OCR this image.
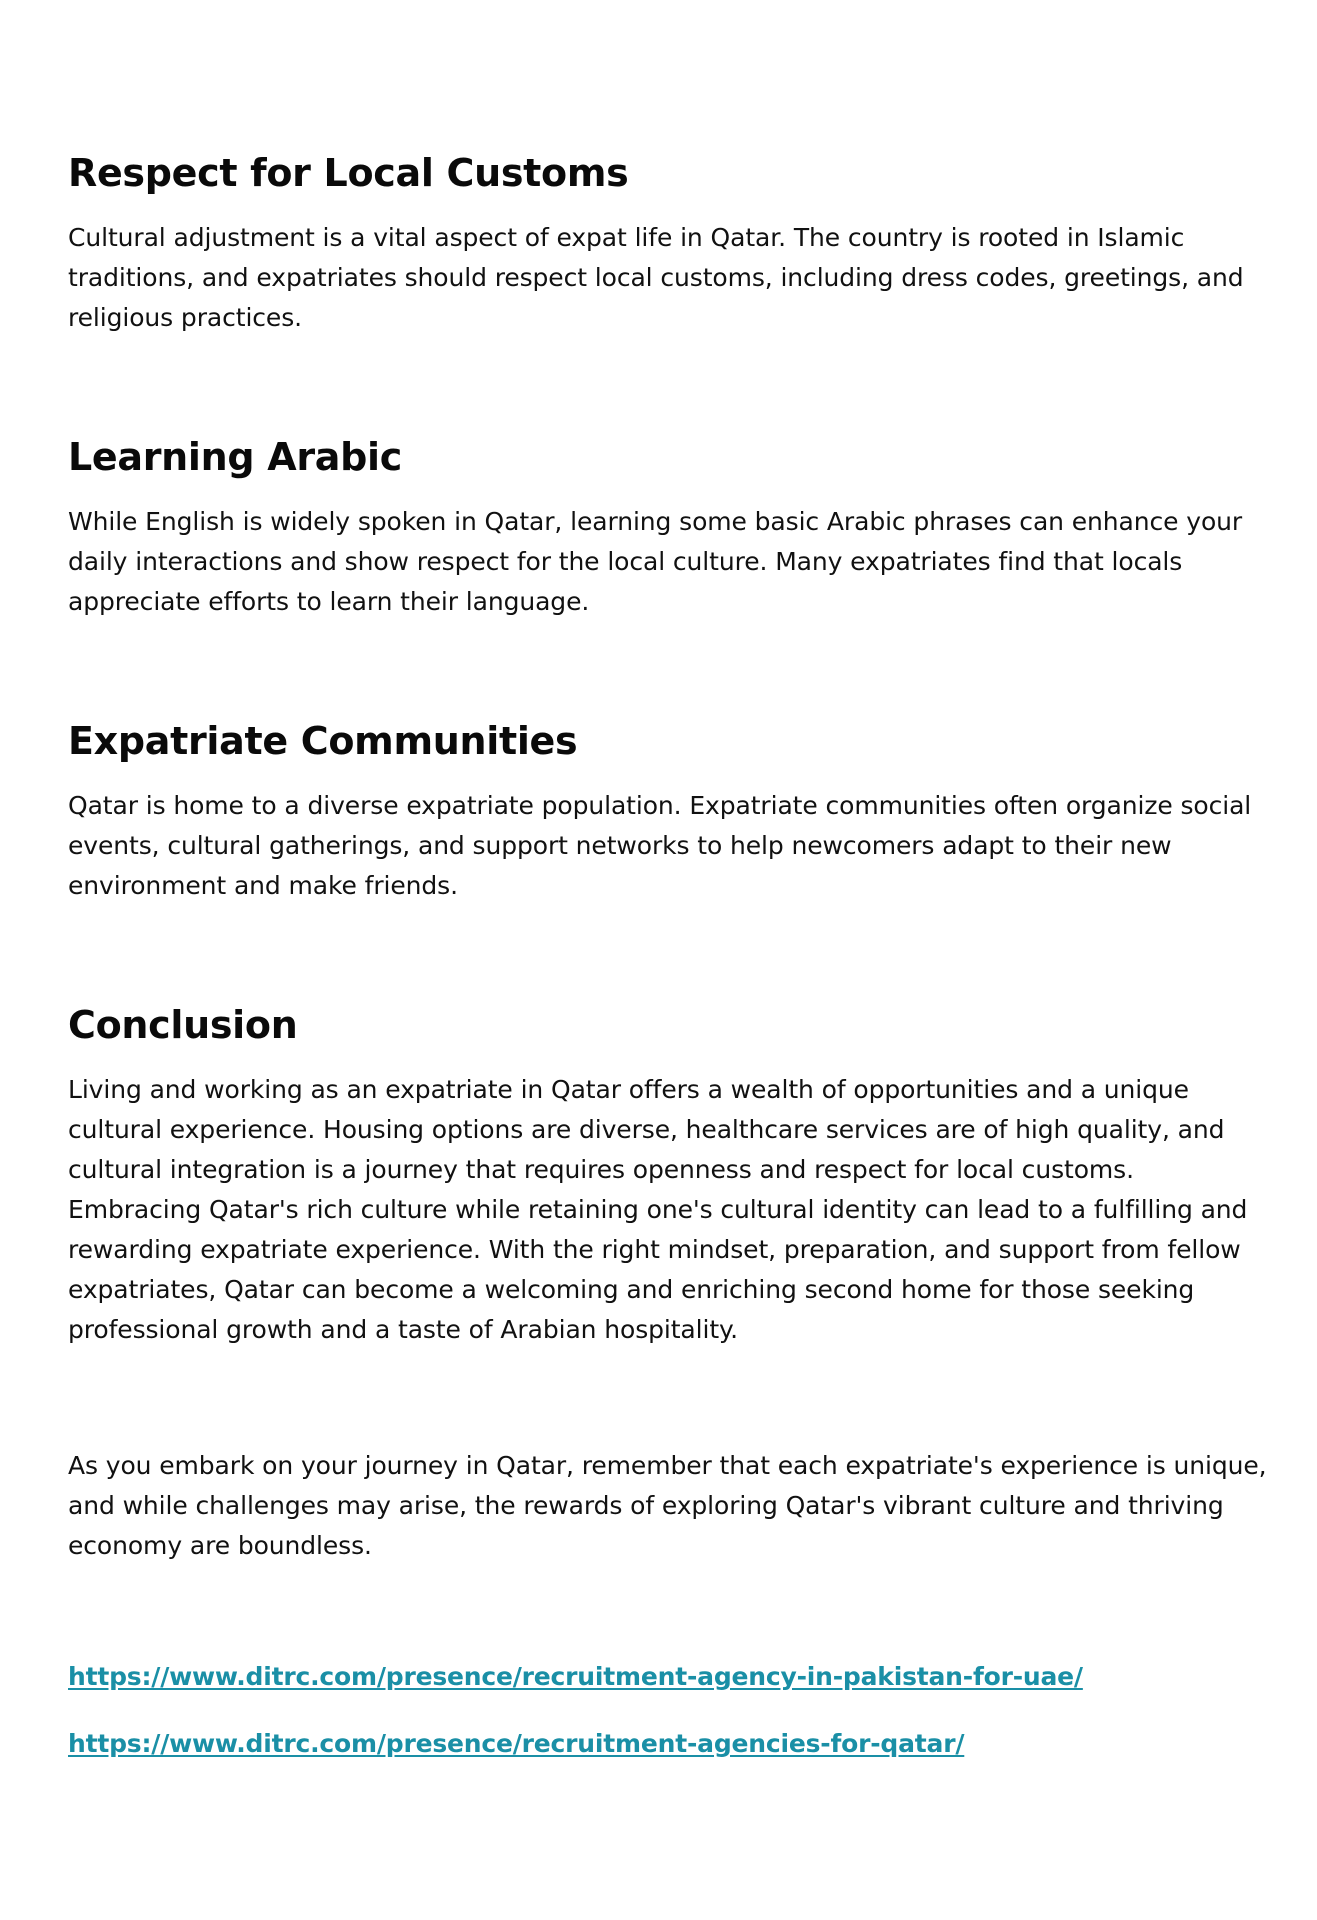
Respect for Local Customs

Cultural adjustment is a vital aspect of expat life in Qatar. The country is rooted in Islamic traditions, and expatriates should respect local customs, including dress codes, greetings, and religious practices.

Learning Arabic

While English is widely spoken in Qatar, learning some basic Arabic phrases can enhance your daily interactions and show respect for the local culture. Many expatriates find that locals appreciate efforts to learn their language.

Expatriate Communities

Qatar is home to a diverse expatriate population. Expatriate communities often organize social events, cultural gatherings, and support networks to help newcomers adapt to their new environment and make friends.

Conclusion

Living and working as an expatriate in Qatar offers a wealth of opportunities and a unique cultural experience. Housing options are diverse, healthcare services are of high quality, and cultural integration is a journey that requires openness and respect for local customs. Embracing Qatar's rich culture while retaining one's cultural identity can lead to a fulfilling and rewarding expatriate experience. With the right mindset, preparation, and support from fellow expatriates, Qatar can become a welcoming and enriching second home for those seeking professional growth and a taste of Arabian hospitality.

As you embark on your journey in Qatar, remember that each expatriate's experience is unique, and while challenges may arise, the rewards of exploring Qatar's vibrant culture and thriving economy are boundless.

https://www.ditrc.com/presence/recruitment-agency-in-pakistan-for-uae/
https://www.ditrc.com/presence/recruitment-agencies-for-qatar/
